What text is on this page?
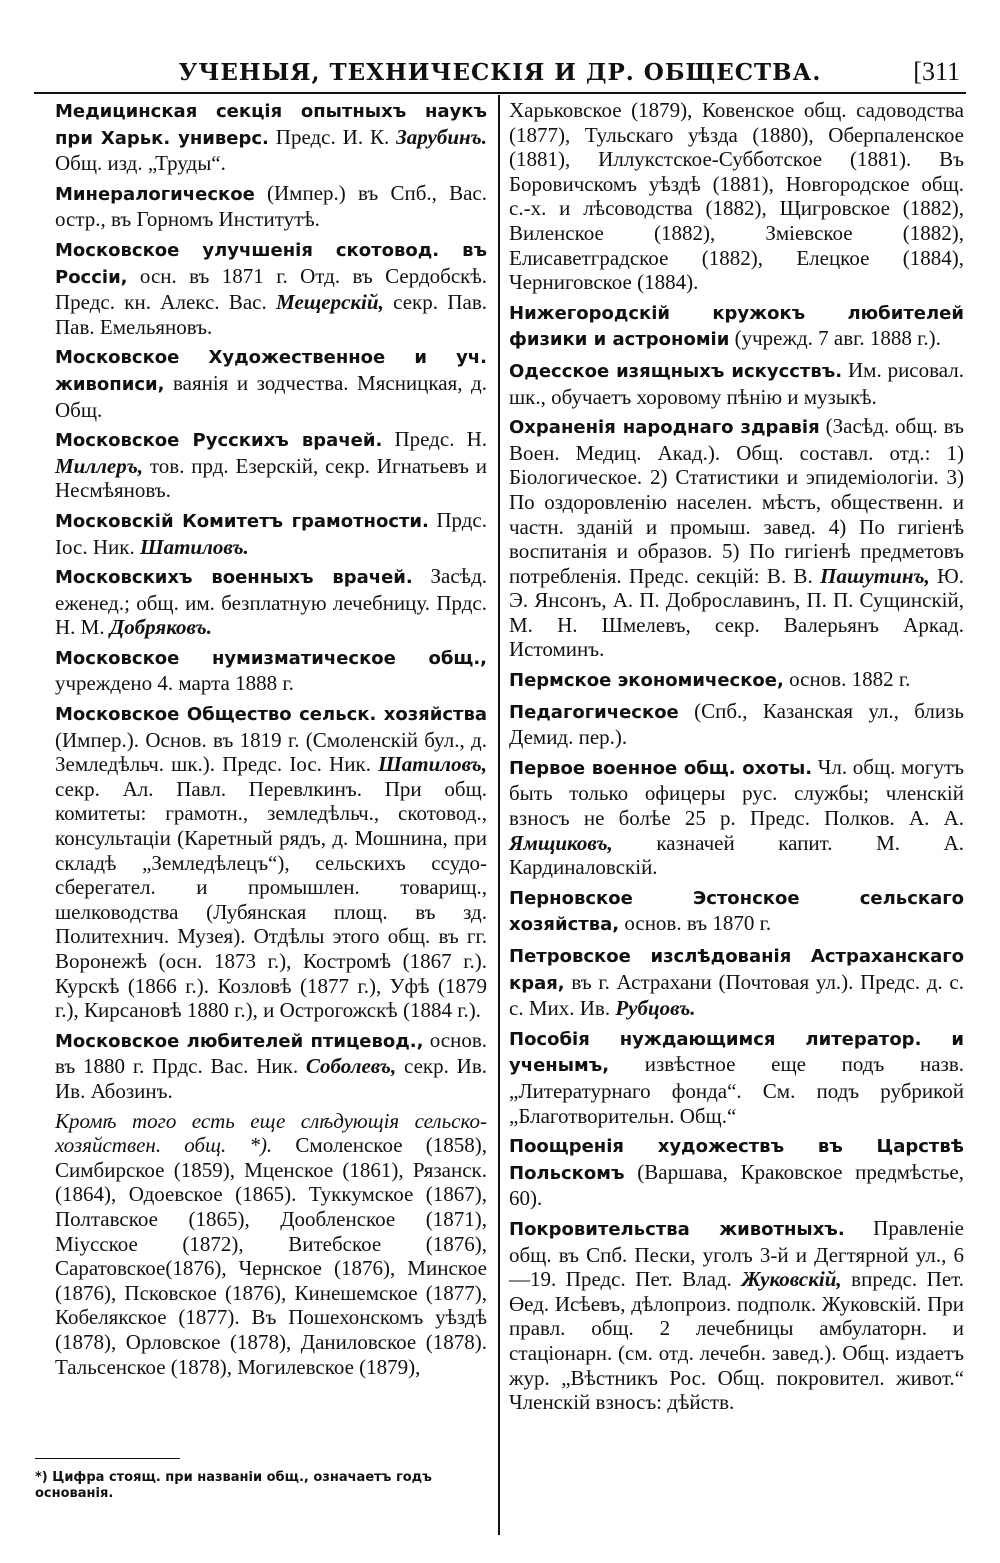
УЧЕНЫЯ, ТЕХНИЧЕСКІЯ И ДР. ОБЩЕСТВА.	[311

Медицинская секція опытныхъ наукъ при Харьк. универс. Предс. И. К. Зарубинъ. Общ. изд. „Труды“.

Минералогическое (Импер.) въ Спб., Вас. остр., въ Горномъ Институтѣ.

Московское улучшенія скотовод. въ Россіи, осн. въ 1871 г. Отд. въ Сердобскѣ. Предс. кн. Алекс. Вас. Мещерскій, секр. Пав. Пав. Емельяновъ.

Московское Художественное и уч. живописи, ваянія и зодчества. Мясницкая, д. Общ.

Московское Русскихъ врачей. Предс. Н. Миллеръ, тов. прд. Езерскій, секр. Игнатьевъ и Несмѣяновъ.

Московскій Комитетъ грамотности. Прдс. Іос. Ник. Шатиловъ.

Московскихъ военныхъ врачей. Засѣд. еженед.; общ. им. безплатную лечебницу. Прдс. Н. М. Добряковъ.

Московское нумизматическое общ., учреждено 4. марта 1888 г.

Московское Общество сельск. хозяйства (Импер.). Основ. въ 1819 г. (Смоленскій бул., д. Земледѣльч. шк.). Предс. Іос. Ник. Шатиловъ, секр. Ал. Павл. Перевлкинъ. При общ. комитеты: грамотн., земледѣльч., скотовод., консультаціи (Каретный рядъ, д. Мошнина, при складѣ „Земледѣлецъ“), сельскихъ ссудо-сберегател. и промышлен. товарищ., шелководства (Лубянская площ. въ зд. Политехнич. Музея). Отдѣлы этого общ. въ гг. Воронежѣ (осн. 1873 г.), Костромѣ (1867 г.). Курскѣ (1866 г.). Козловѣ (1877 г.), Уфѣ (1879 г.), Кирсановѣ 1880 г.), и Острогожскѣ (1884 г.).

Московское любителей птицевод., основ. въ 1880 г. Прдс. Вас. Ник. Соболевъ, секр. Ив. Ив. Абозинъ.

Кромѣ того есть еще слѣдующія сельско-хозяйствен. общ. *). Смоленское (1858), Симбирское (1859), Мценское (1861), Рязанск. (1864), Одоевское (1865). Туккумское (1867), Полтавское (1865), Дообленское (1871), Міусское (1872), Витебское (1876), Саратовское(1876), Чернское (1876), Минское (1876), Псковское (1876), Кинешемское (1877), Кобелякское (1877). Въ Пошехонскомъ уѣздѣ (1878), Орловское (1878), Даниловское (1878). Тальсенское (1878), Могилевское (1879),

Харьковское (1879), Ковенское общ. садоводства (1877), Тульскаго уѣзда (1880), Оберпаленское (1881), Иллукстское-Субботское (1881). Въ Боровичскомъ уѣздѣ (1881), Новгородское общ. с.-х. и лѣсоводства (1882), Щигровское (1882), Виленское (1882), Зміевское (1882), Елисаветградское (1882), Елецкое (1884), Черниговское (1884).

Нижегородскій кружокъ любителей физики и астрономіи (учрежд. 7 авг. 1888 г.).

Одесское изящныхъ искусствъ. Им. рисовал. шк., обучаетъ хоровому пѣнію и музыкѣ.

Охраненія народнаго здравія (Засѣд. общ. въ Воен. Медиц. Акад.). Общ. составл. отд.: 1) Біологическое. 2) Статистики и эпидеміологіи. 3) По оздоровленію населен. мѣстъ, общественн. и частн. зданій и промыш. завед. 4) По гигіенѣ воспитанія и образов. 5) По гигіенѣ предметовъ потребленія. Предс. секцій: В. В. Пашутинъ, Ю. Э. Янсонъ, А. П. Доброславинъ, П. П. Сущинскій, М. Н. Шмелевъ, секр. Валерьянъ Аркад. Истоминъ.

Пермское экономическое, основ. 1882 г.

Педагогическое (Спб., Казанская ул., близь Демид. пер.).

Первое военное общ. охоты. Чл. общ. могутъ быть только офицеры рус. службы; членскій взносъ не болѣе 25 р. Предс. Полков. А. А. Ямщиковъ, казначей капит. М. А. Кардиналовскій.

Перновское Эстонское сельскаго хозяйства, основ. въ 1870 г.

Петровское изслѣдованія Астраханскаго края, въ г. Астрахани (Почтовая ул.). Предс. д. с. с. Мих. Ив. Рубцовъ.

Пособія нуждающимся литератор. и ученымъ, извѣстное еще подъ назв. „Литературнаго фонда“. См. подъ рубрикой „Благотворительн. Общ.“

Поощренія художествъ въ Царствѣ Польскомъ (Варшава, Краковское предмѣстье, 60).

Покровительства животныхъ. Правленіе общ. въ Спб. Пески, уголъ 3-й и Дегтярной ул., 6—19. Предс. Пет. Влад. Жуковскій, впредс. Пет. Өед. Исѣевъ, дѣлопроиз. подполк. Жуковскій. При правл. общ. 2 лечебницы амбулаторн. и стаціонарн. (см. отд. лечебн. завед.). Общ. издаетъ жур. „Вѣстникъ Рос. Общ. покровител. живот.“ Членскій взносъ: дѣйств.

*) Цифра стоящ. при названіи общ., означаетъ годъ основанія.
